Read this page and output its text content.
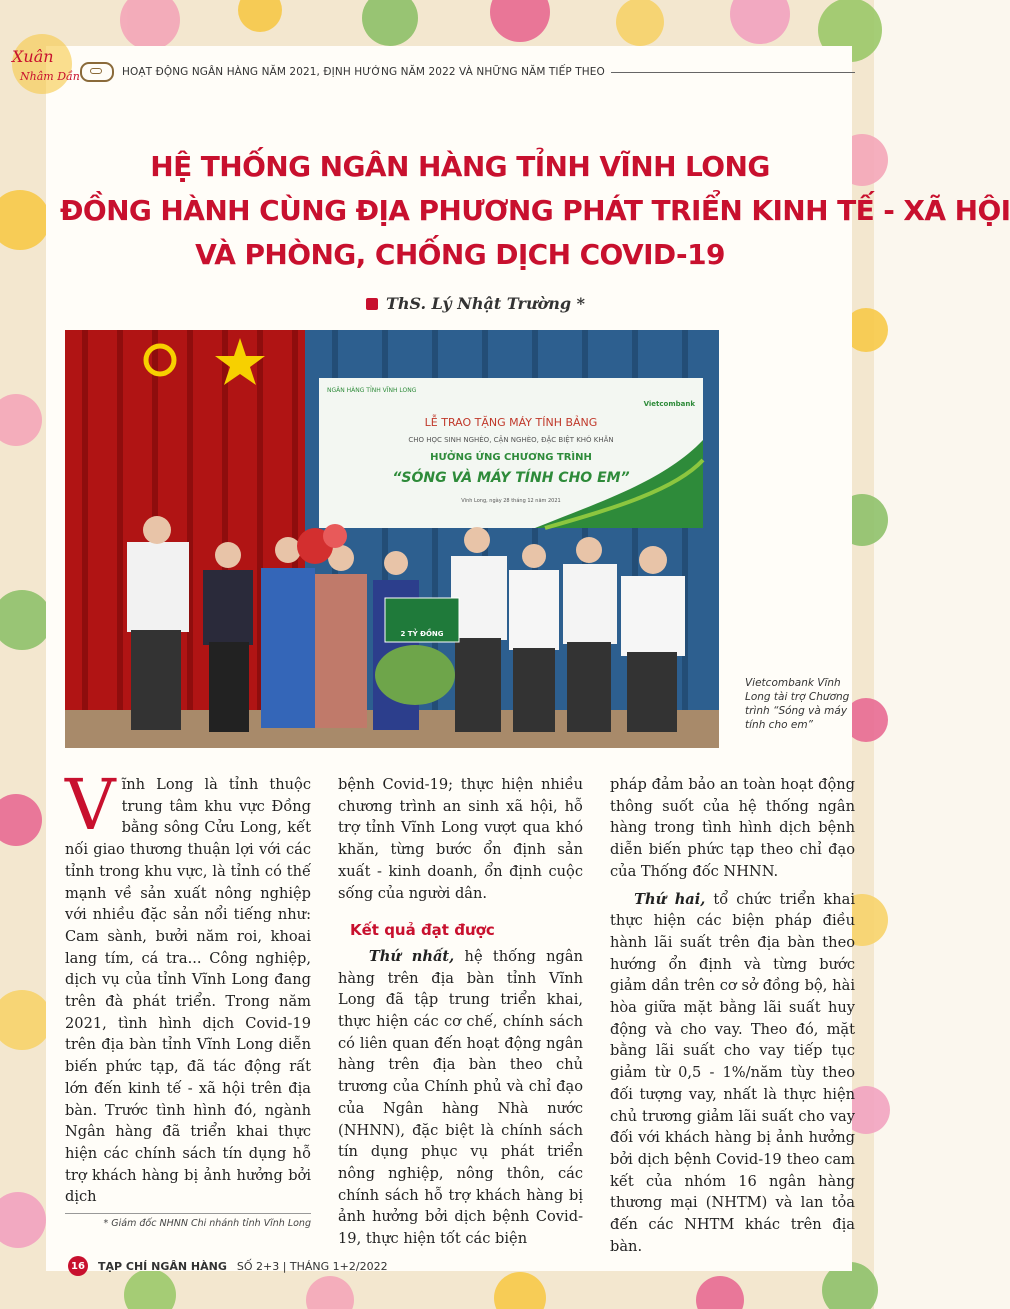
Xuân
Nhâm Dần	HOẠT ĐỘNG NGÂN HÀNG NĂM 2021, ĐỊNH HƯỚNG NĂM 2022 VÀ NHỮNG NĂM TIẾP THEO
HỆ THỐNG NGÂN HÀNG TỈNH VĨNH LONG
ĐỒNG HÀNH CÙNG ĐỊA PHƯƠNG PHÁT TRIỂN KINH TẾ - XÃ HỘI
VÀ PHÒNG, CHỐNG DỊCH COVID-19
ThS. Lý Nhật Trường *
2 TỶ ĐỒNG
NGÂN HÀNG TỈNH VĨNH LONG
Vietcombank
LỄ TRAO TẶNG MÁY TÍNH BẢNG
CHO HỌC SINH NGHÈO, CẬN NGHÈO, ĐẶC BIỆT KHÓ KHĂN
HƯỞNG ỨNG CHƯƠNG TRÌNH
“SÓNG VÀ MÁY TÍNH CHO EM”
Vĩnh Long, ngày 28 tháng 12 năm 2021
Vietcombank Vĩnh Long tài trợ Chương trình “Sóng và máy tính cho em”

Vĩnh Long là tỉnh thuộc trung tâm khu vực Đồng bằng sông Cửu Long, kết nối giao thương thuận lợi với các tỉnh trong khu vực, là tỉnh có thế mạnh về sản xuất nông nghiệp với nhiều đặc sản nổi tiếng như: Cam sành, bưởi năm roi, khoai lang tím, cá tra... Công nghiệp, dịch vụ của tỉnh Vĩnh Long đang trên đà phát triển. Trong năm 2021, tình hình dịch Covid-19 trên địa bàn tỉnh Vĩnh Long diễn biến phức tạp, đã tác động rất lớn đến kinh tế - xã hội trên địa bàn. Trước tình hình đó, ngành Ngân hàng đã triển khai thực hiện các chính sách tín dụng hỗ trợ khách hàng bị ảnh hưởng bởi dịch

bệnh Covid-19; thực hiện nhiều chương trình an sinh xã hội, hỗ trợ tỉnh Vĩnh Long vượt qua khó khăn, từng bước ổn định sản xuất - kinh doanh, ổn định cuộc sống của người dân.

Kết quả đạt được

Thứ nhất, hệ thống ngân hàng trên địa bàn tỉnh Vĩnh Long đã tập trung triển khai, thực hiện các cơ chế, chính sách có liên quan đến hoạt động ngân hàng trên địa bàn theo chủ trương của Chính phủ và chỉ đạo của Ngân hàng Nhà nước (NHNN), đặc biệt là chính sách tín dụng phục vụ phát triển nông nghiệp, nông thôn, các chính sách hỗ trợ khách hàng bị ảnh hưởng bởi dịch bệnh Covid-19, thực hiện tốt các biện

pháp đảm bảo an toàn hoạt động thông suốt của hệ thống ngân hàng trong tình hình dịch bệnh diễn biến phức tạp theo chỉ đạo của Thống đốc NHNN.

Thứ hai, tổ chức triển khai thực hiện các biện pháp điều hành lãi suất trên địa bàn theo hướng ổn định và từng bước giảm dần trên cơ sở đồng bộ, hài hòa giữa mặt bằng lãi suất huy động và cho vay. Theo đó, mặt bằng lãi suất cho vay tiếp tục giảm từ 0,5 - 1%/năm tùy theo đối tượng vay, nhất là thực hiện chủ trương giảm lãi suất cho vay đối với khách hàng bị ảnh hưởng bởi dịch bệnh Covid-19 theo cam kết của nhóm 16 ngân hàng thương mại (NHTM) và lan tỏa đến các NHTM khác trên địa bàn.

* Giám đốc NHNN Chi nhánh tỉnh Vĩnh Long
16 TẠP CHÍ NGÂN HÀNG SỐ 2+3 | THÁNG 1+2/2022
